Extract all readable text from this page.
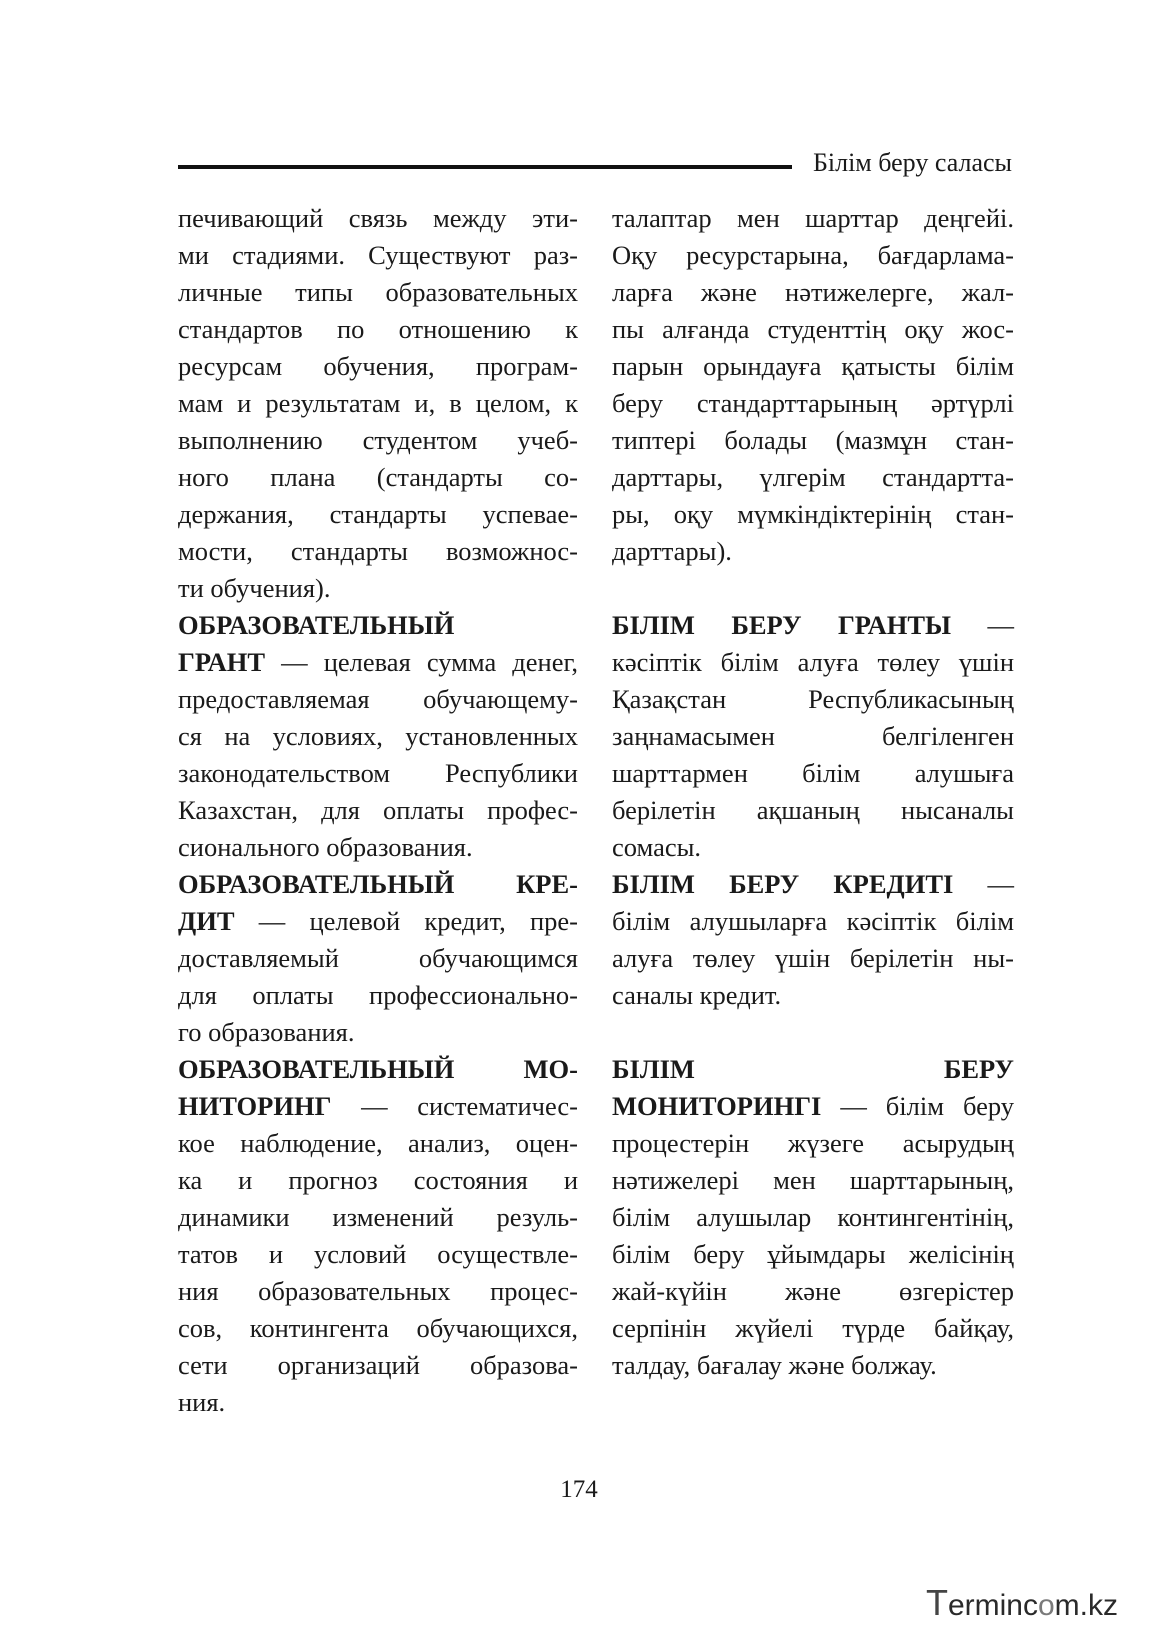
Білім беру саласы
печивающий связь между эти-
ми стадиями. Существуют раз-
личные типы образовательных
стандартов по отношению к
ресурсам обучения, програм-
мам и результатам и, в целом, к
выполнению студентом учеб-
ного плана (стандарты со-
держания, стандарты успевае-
мости, стандарты возможнос-
ти обучения).
ОБРАЗОВАТЕЛЬНЫЙ
ГРАНТ — целевая сумма денег,
предоставляемая обучающему-
ся на условиях, установленных
законодательством Республики
Казахстан, для оплаты профес-
сионального образования.
ОБРАЗОВАТЕЛЬНЫЙ КРЕ-
ДИТ — целевой кредит, пре-
доставляемый обучающимся
для оплаты профессионально-
го образования.
ОБРАЗОВАТЕЛЬНЫЙ МО-
НИТОРИНГ — систематичес-
кое наблюдение, анализ, оцен-
ка и прогноз состояния и
динамики изменений резуль-
татов и условий осуществле-
ния образовательных процес-
сов, контингента обучающихся,
сети организаций образова-
ния.
талаптар мен шарттар деңгейі.
Оқу ресурстарына, бағдарлама-
ларға және нәтижелерге, жал-
пы алғанда студенттің оқу жос-
парын орындауға қатысты білім
беру стандарттарының әртүрлі
типтері болады (мазмұн стан-
дарттары, үлгерім стандартта-
ры, оқу мүмкіндіктерінің стан-
дарттары).
БІЛІМ БЕРУ ГРАНТЫ —
кәсіптік білім алуға төлеу үшін
Қазақстан Республикасының
заңнамасымен белгіленген
шарттармен білім алушыға
берілетін ақшаның нысаналы
сомасы.
БІЛІМ БЕРУ КРЕДИТІ —
білім алушыларға кәсіптік білім
алуға төлеу үшін берілетін ны-
саналы кредит.
БІЛІМ                    БЕРУ
МОНИТОРИНГІ — білім беру
процестерін жүзеге асырудың
нәтижелері мен шарттарының,
білім алушылар контингентінің,
білім беру ұйымдары желісінің
жай-күйін және өзгерістер
серпінін жүйелі түрде байқау,
талдау, бағалау және болжау.
174
Termincom.kz
